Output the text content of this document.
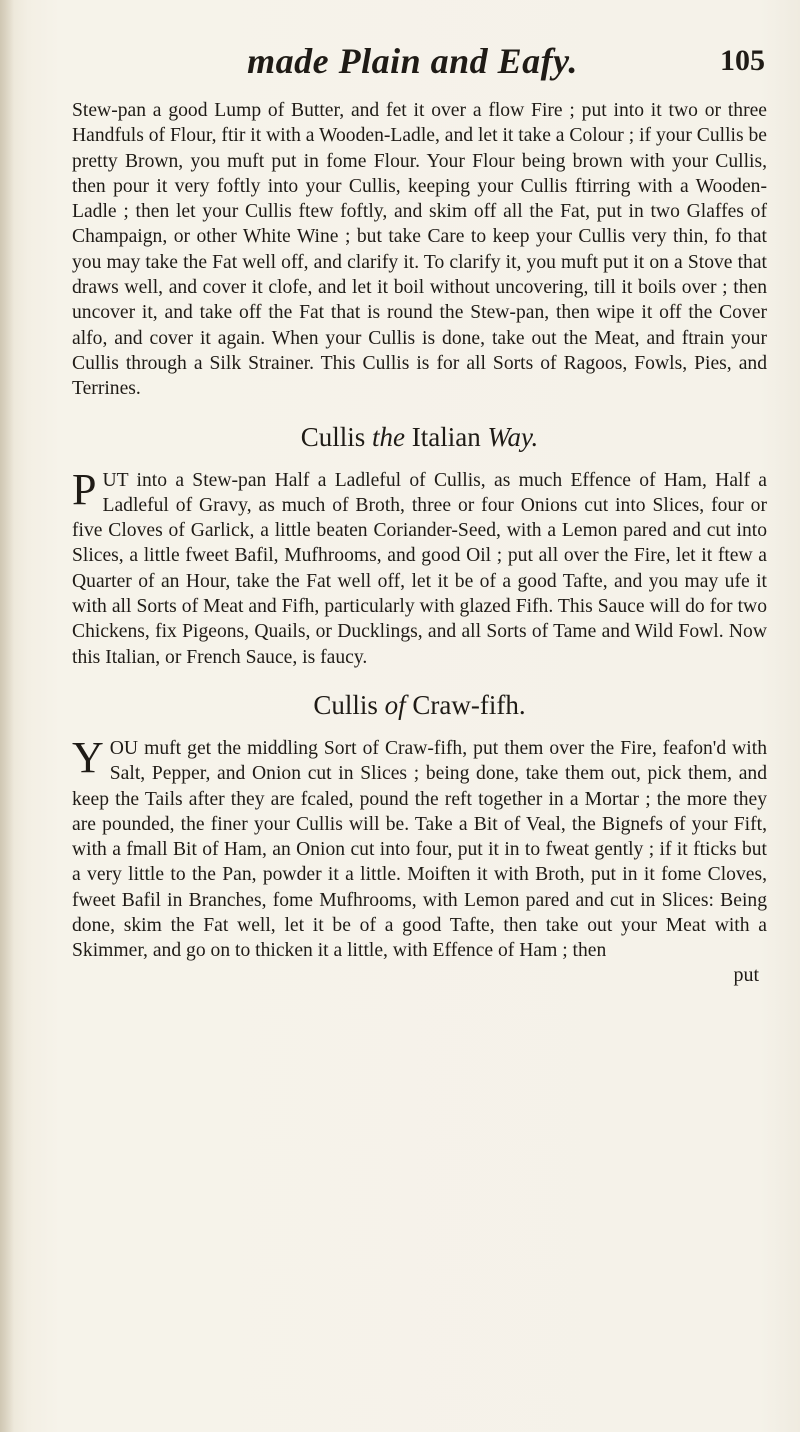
made Plain and Eafy.	105

Stew-pan a good Lump of Butter, and fet it over a flow Fire ; put into it two or three Handfuls of Flour, ftir it with a Wooden-Ladle, and let it take a Colour ; if your Cullis be pretty Brown, you muft put in fome Flour. Your Flour being brown with your Cullis, then pour it very foftly into your Cullis, keeping your Cullis ftirring with a Wooden-Ladle ; then let your Cullis ftew foftly, and skim off all the Fat, put in two Glaffes of Champaign, or other White Wine ; but take Care to keep your Cullis very thin, fo that you may take the Fat well off, and clarify it. To clarify it, you muft put it on a Stove that draws well, and cover it clofe, and let it boil without uncovering, till it boils over ; then uncover it, and take off the Fat that is round the Stew-pan, then wipe it off the Cover alfo, and cover it again. When your Cullis is done, take out the Meat, and ftrain your Cullis through a Silk Strainer. This Cullis is for all Sorts of Ragoos, Fowls, Pies, and Terrines.

Cullis the Italian Way.

PUT into a Stew-pan Half a Ladleful of Cullis, as much Effence of Ham, Half a Ladleful of Gravy, as much of Broth, three or four Onions cut into Slices, four or five Cloves of Garlick, a little beaten Coriander-Seed, with a Lemon pared and cut into Slices, a little fweet Bafil, Mufhrooms, and good Oil ; put all over the Fire, let it ftew a Quarter of an Hour, take the Fat well off, let it be of a good Tafte, and you may ufe it with all Sorts of Meat and Fifh, particularly with glazed Fifh. This Sauce will do for two Chickens, fix Pigeons, Quails, or Ducklings, and all Sorts of Tame and Wild Fowl. Now this Italian, or French Sauce, is faucy.

Cullis of Craw-fifh.

YOU muft get the middling Sort of Craw-fifh, put them over the Fire, feafon'd with Salt, Pepper, and Onion cut in Slices ; being done, take them out, pick them, and keep the Tails after they are fcaled, pound the reft together in a Mortar ; the more they are pounded, the finer your Cullis will be. Take a Bit of Veal, the Bignefs of your Fift, with a fmall Bit of Ham, an Onion cut into four, put it in to fweat gently ; if it fticks but a very little to the Pan, powder it a little. Moiften it with Broth, put in it fome Cloves, fweet Bafil in Branches, fome Mufhrooms, with Lemon pared and cut in Slices: Being done, skim the Fat well, let it be of a good Tafte, then take out your Meat with a Skimmer, and go on to thicken it a little, with Effence of Ham ; then

put
